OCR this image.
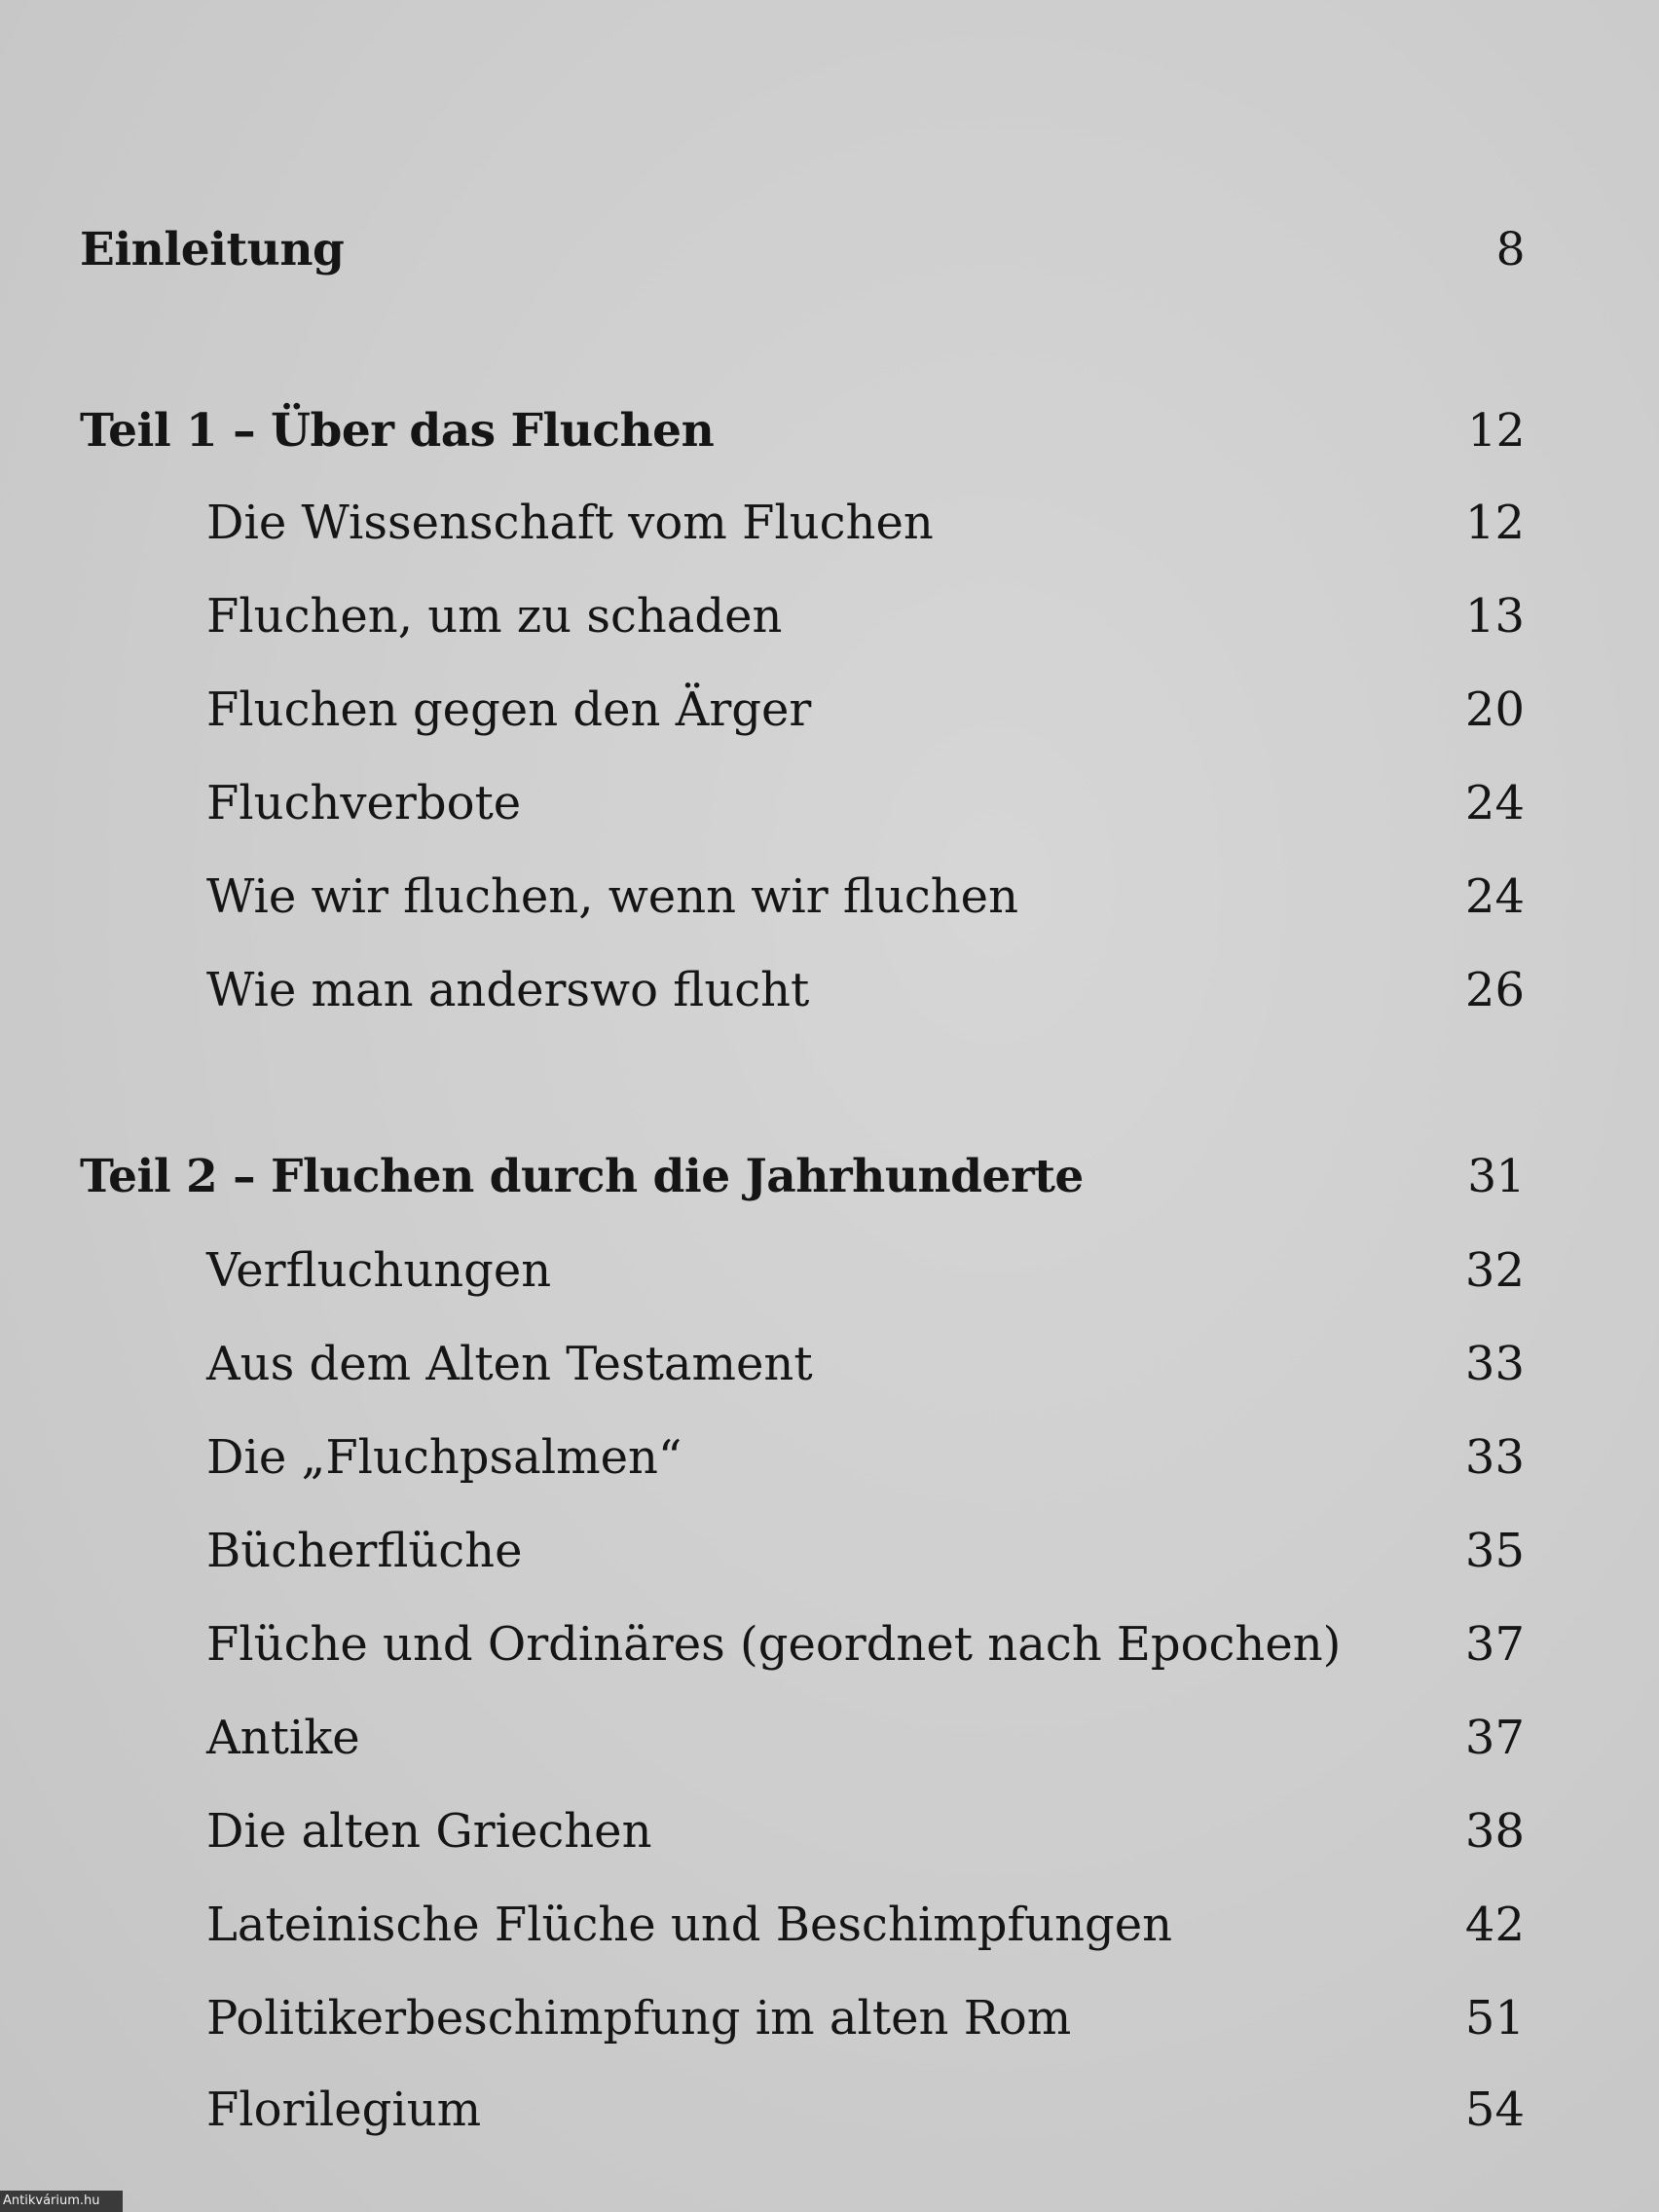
Einleitung	8
Teil 1 – Über das Fluchen	12
Die Wissenschaft vom Fluchen	12
Fluchen, um zu schaden	13
Fluchen gegen den Ärger	20
Fluchverbote	24
Wie wir fluchen, wenn wir fluchen	24
Wie man anderswo flucht	26
Teil 2 – Fluchen durch die Jahrhunderte	31
Verfluchungen	32
Aus dem Alten Testament	33
Die „Fluchpsalmen“	33
Bücherflüche	35
Flüche und Ordinäres (geordnet nach Epochen)	37
Antike	37
Die alten Griechen	38
Lateinische Flüche und Beschimpfungen	42
Politikerbeschimpfung im alten Rom	51
Florilegium	54
Antikvárium.hu
